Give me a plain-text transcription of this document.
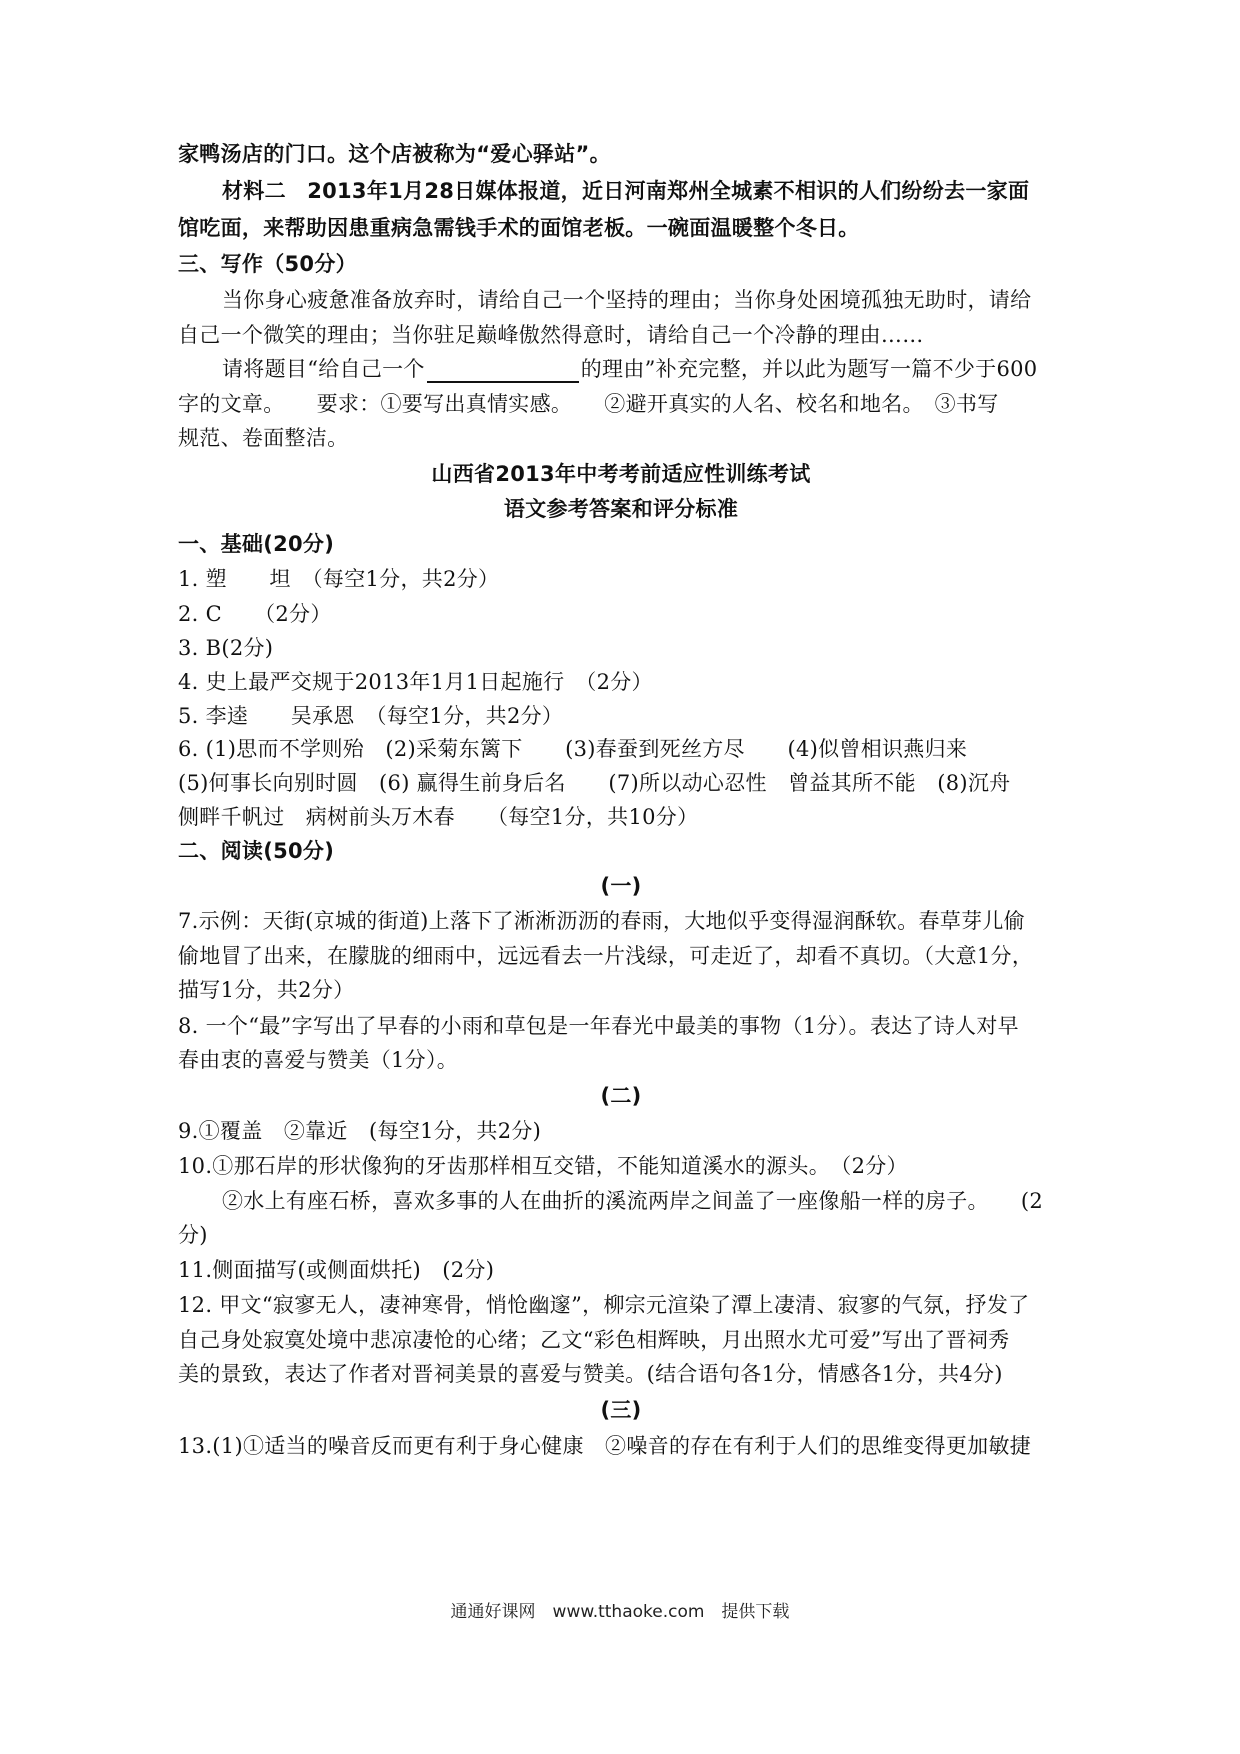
家鸭汤店的门口。这个店被称为“爱心驿站”。
材料二　2013年1月28日媒体报道，近日河南郑州全城素不相识的人们纷纷去一家面
馆吃面，来帮助因患重病急需钱手术的面馆老板。一碗面温暖整个冬日。
三、写作（50分）
当你身心疲惫准备放弃时，请给自己一个坚持的理由；当你身处困境孤独无助时，请给
自己一个微笑的理由；当你驻足巅峰傲然得意时，请给自己一个冷静的理由……
请将题目“给自己一个	的理由”补充完整，并以此为题写一篇不少于600
字的文章。　　要求：①要写出真情实感。　　②避开真实的人名、校名和地名。　③书写
规范、卷面整洁。
山西省2013年中考考前适应性训练考试
语文参考答案和评分标准
一、基础(20分)
1. 塑　　坦　（每空1分，共2分）
2. C　　（2分）
3. B(2分)
4. 史上最严交规于2013年1月1日起施行　（2分）
5. 李逵　　吴承恩　（每空1分，共2分）
6. (1)思而不学则殆　(2)采菊东篱下　　(3)春蚕到死丝方尽　　(4)似曾相识燕归来
(5)何事长向别时圆　(6) 赢得生前身后名　　(7)所以动心忍性　曾益其所不能　(8)沉舟
侧畔千帆过　病树前头万木春　　（每空1分，共10分）
二、阅读(50分)
(一)
7.示例：天街(京城的街道)上落下了淅淅沥沥的春雨，大地似乎变得湿润酥软。春草芽儿偷
偷地冒了出来，在朦胧的细雨中，远远看去一片浅绿，可走近了，却看不真切。（大意1分，
描写1分，共2分）
8. 一个“最”字写出了早春的小雨和草包是一年春光中最美的事物（1分）。表达了诗人对早
春由衷的喜爱与赞美（1分）。
(二)
9.①覆盖　②靠近　(每空1分，共2分)
10.①那石岸的形状像狗的牙齿那样相互交错，不能知道溪水的源头。　（2分）
②水上有座石桥，喜欢多事的人在曲折的溪流两岸之间盖了一座像船一样的房子。　　(2
分)
11.侧面描写(或侧面烘托)　(2分)
12. 甲文“寂寥无人，凄神寒骨，悄怆幽邃”，柳宗元渲染了潭上凄清、寂寥的气氛，抒发了
自己身处寂寞处境中悲凉凄怆的心绪；乙文“彩色相辉映，月出照水尤可爱”写出了晋祠秀
美的景致，表达了作者对晋祠美景的喜爱与赞美。(结合语句各1分，情感各1分，共4分)
(三)
13.(1)①适当的噪音反而更有利于身心健康　②噪音的存在有利于人们的思维变得更加敏捷
通通好课网　www.tthaoke.com　提供下载
